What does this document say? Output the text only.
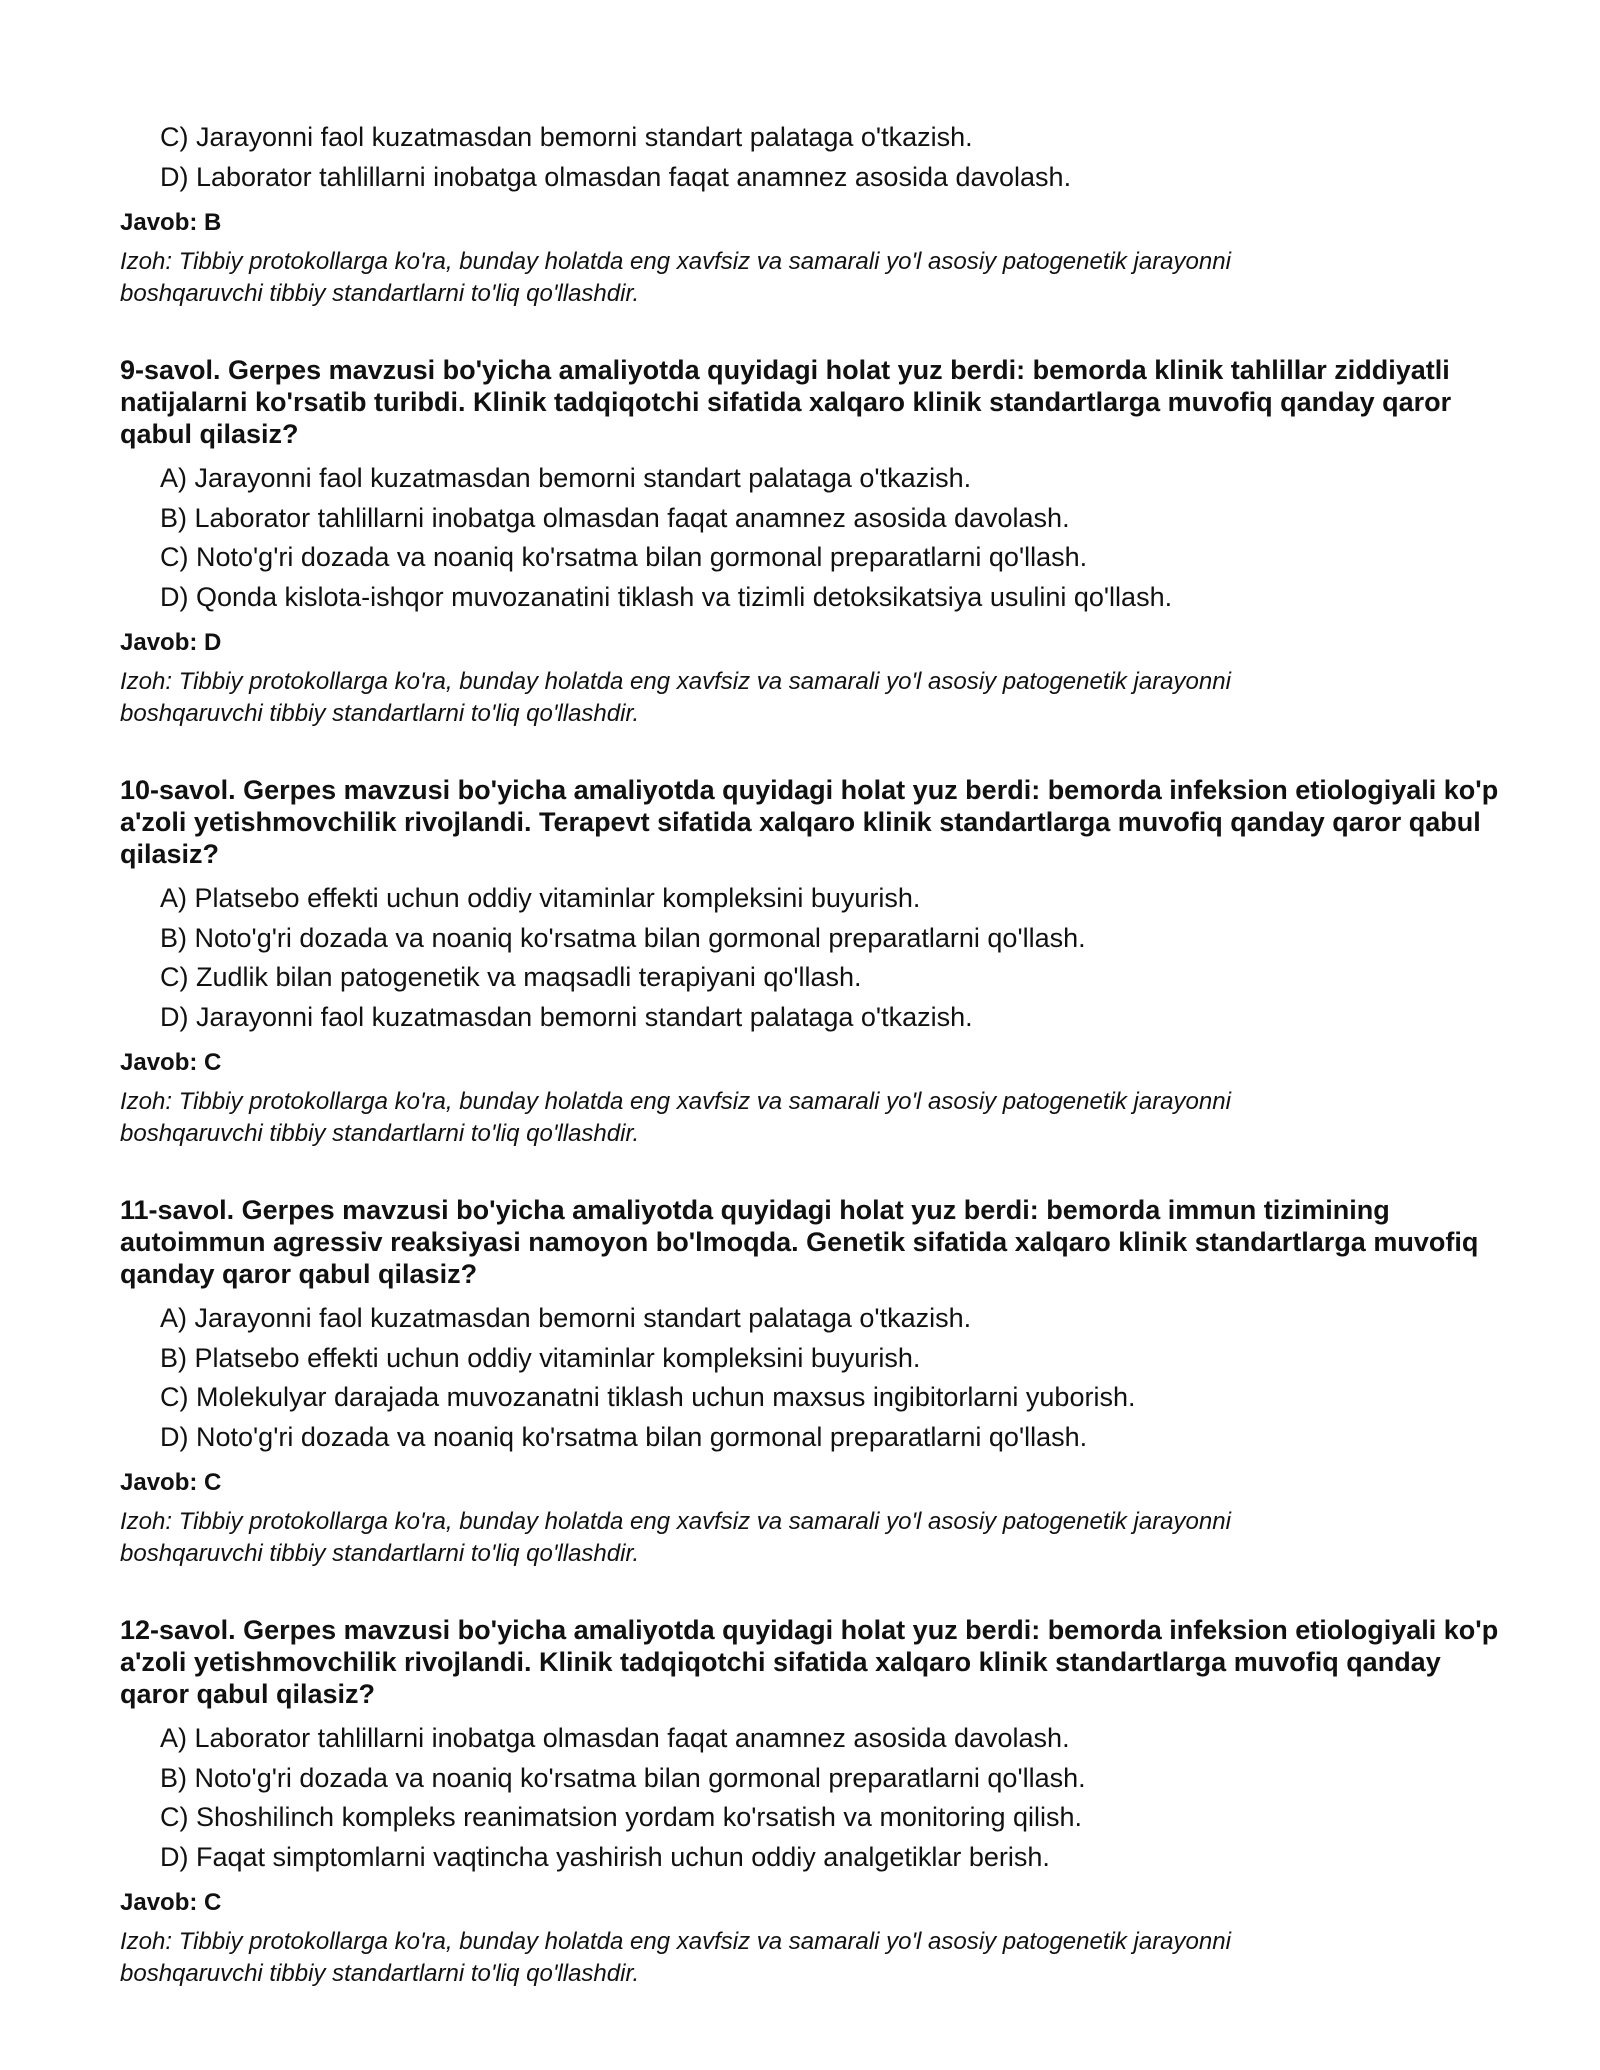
C) Jarayonni faol kuzatmasdan bemorni standart palataga o'tkazish.
D) Laborator tahlillarni inobatga olmasdan faqat anamnez asosida davolash.
Javob: B
Izoh: Tibbiy protokollarga ko'ra, bunday holatda eng xavfsiz va samarali yo'l asosiy patogenetik jarayonni boshqaruvchi tibbiy standartlarni to'liq qo'llashdir.
9-savol. Gerpes mavzusi bo'yicha amaliyotda quyidagi holat yuz berdi: bemorda klinik tahlillar ziddiyatli natijalarni ko'rsatib turibdi. Klinik tadqiqotchi sifatida xalqaro klinik standartlarga muvofiq qanday qaror qabul qilasiz?
A) Jarayonni faol kuzatmasdan bemorni standart palataga o'tkazish.
B) Laborator tahlillarni inobatga olmasdan faqat anamnez asosida davolash.
C) Noto'g'ri dozada va noaniq ko'rsatma bilan gormonal preparatlarni qo'llash.
D) Qonda kislota-ishqor muvozanatini tiklash va tizimli detoksikatsiya usulini qo'llash.
Javob: D
Izoh: Tibbiy protokollarga ko'ra, bunday holatda eng xavfsiz va samarali yo'l asosiy patogenetik jarayonni boshqaruvchi tibbiy standartlarni to'liq qo'llashdir.
10-savol. Gerpes mavzusi bo'yicha amaliyotda quyidagi holat yuz berdi: bemorda infeksion etiologiyali ko'p a'zoli yetishmovchilik rivojlandi. Terapevt sifatida xalqaro klinik standartlarga muvofiq qanday qaror qabul qilasiz?
A) Platsebo effekti uchun oddiy vitaminlar kompleksini buyurish.
B) Noto'g'ri dozada va noaniq ko'rsatma bilan gormonal preparatlarni qo'llash.
C) Zudlik bilan patogenetik va maqsadli terapiyani qo'llash.
D) Jarayonni faol kuzatmasdan bemorni standart palataga o'tkazish.
Javob: C
Izoh: Tibbiy protokollarga ko'ra, bunday holatda eng xavfsiz va samarali yo'l asosiy patogenetik jarayonni boshqaruvchi tibbiy standartlarni to'liq qo'llashdir.
11-savol. Gerpes mavzusi bo'yicha amaliyotda quyidagi holat yuz berdi: bemorda immun tizimining autoimmun agressiv reaksiyasi namoyon bo'lmoqda. Genetik sifatida xalqaro klinik standartlarga muvofiq qanday qaror qabul qilasiz?
A) Jarayonni faol kuzatmasdan bemorni standart palataga o'tkazish.
B) Platsebo effekti uchun oddiy vitaminlar kompleksini buyurish.
C) Molekulyar darajada muvozanatni tiklash uchun maxsus ingibitorlarni yuborish.
D) Noto'g'ri dozada va noaniq ko'rsatma bilan gormonal preparatlarni qo'llash.
Javob: C
Izoh: Tibbiy protokollarga ko'ra, bunday holatda eng xavfsiz va samarali yo'l asosiy patogenetik jarayonni boshqaruvchi tibbiy standartlarni to'liq qo'llashdir.
12-savol. Gerpes mavzusi bo'yicha amaliyotda quyidagi holat yuz berdi: bemorda infeksion etiologiyali ko'p a'zoli yetishmovchilik rivojlandi. Klinik tadqiqotchi sifatida xalqaro klinik standartlarga muvofiq qanday qaror qabul qilasiz?
A) Laborator tahlillarni inobatga olmasdan faqat anamnez asosida davolash.
B) Noto'g'ri dozada va noaniq ko'rsatma bilan gormonal preparatlarni qo'llash.
C) Shoshilinch kompleks reanimatsion yordam ko'rsatish va monitoring qilish.
D) Faqat simptomlarni vaqtincha yashirish uchun oddiy analgetiklar berish.
Javob: C
Izoh: Tibbiy protokollarga ko'ra, bunday holatda eng xavfsiz va samarali yo'l asosiy patogenetik jarayonni boshqaruvchi tibbiy standartlarni to'liq qo'llashdir.
